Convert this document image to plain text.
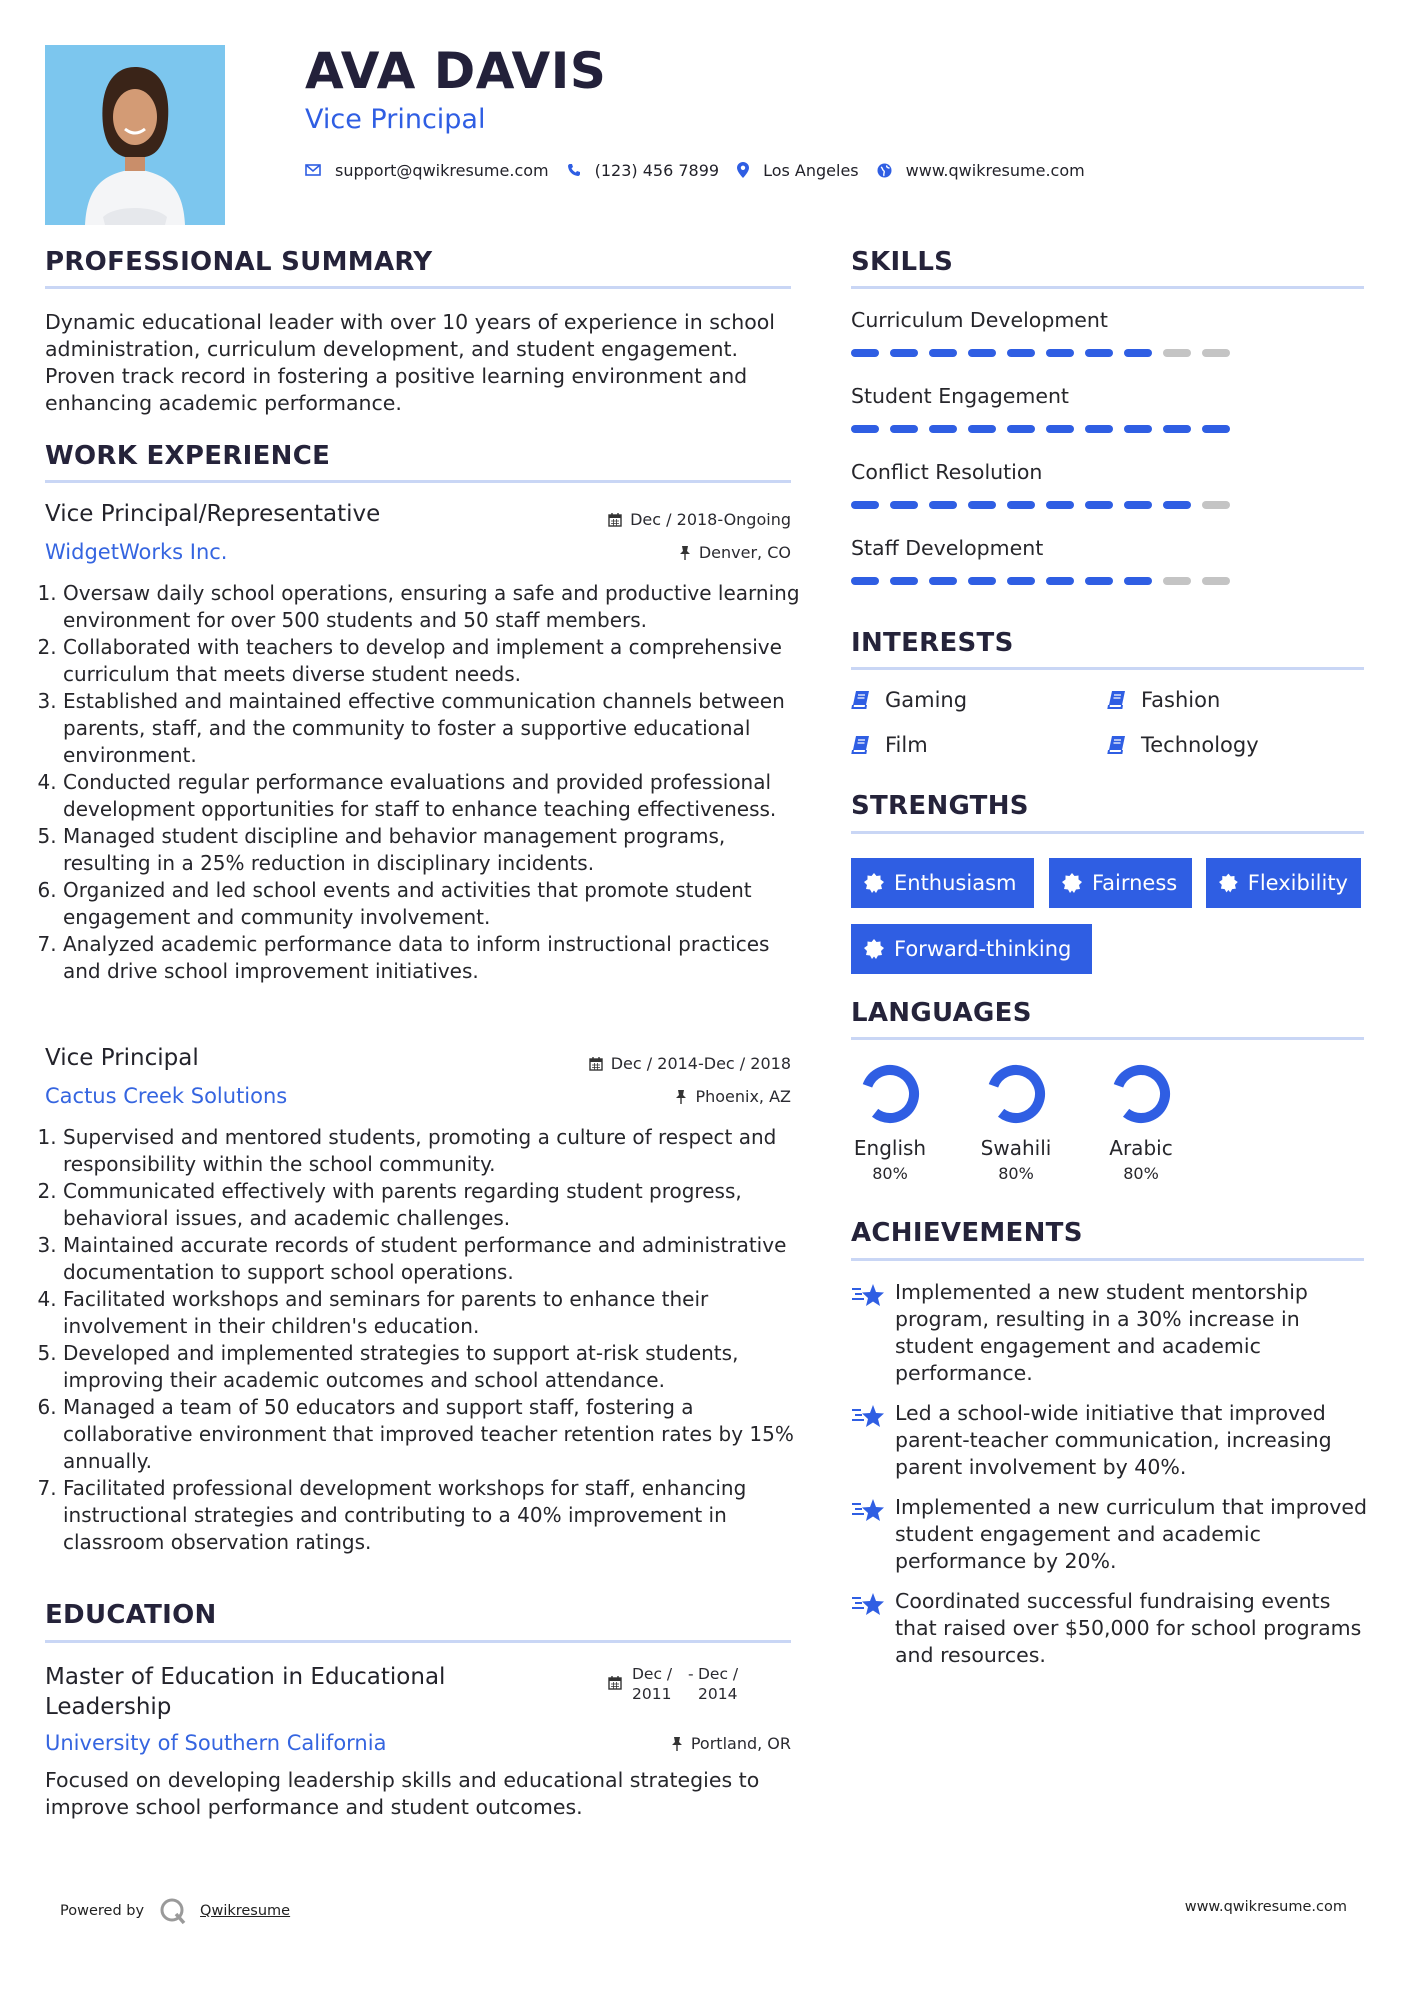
AVA DAVIS
Vice Principal
support@qwikresume.com	(123) 456 7899	Los Angeles	www.qwikresume.com
PROFESSIONAL SUMMARY
Dynamic educational leader with over 10 years of experience in school administration, curriculum development, and student engagement. Proven track record in fostering a positive learning environment and enhancing academic performance.
WORK EXPERIENCE
Vice Principal/Representative	Dec / 2018-Ongoing
WidgetWorks Inc.	Denver, CO
1. Oversaw daily school operations, ensuring a safe and productive learning environment for over 500 students and 50 staff members.
2. Collaborated with teachers to develop and implement a comprehensive curriculum that meets diverse student needs.
3. Established and maintained effective communication channels between parents, staff, and the community to foster a supportive educational environment.
4. Conducted regular performance evaluations and provided professional development opportunities for staff to enhance teaching effectiveness.
5. Managed student discipline and behavior management programs, resulting in a 25% reduction in disciplinary incidents.
6. Organized and led school events and activities that promote student engagement and community involvement.
7. Analyzed academic performance data to inform instructional practices and drive school improvement initiatives.
Vice Principal	Dec / 2014-Dec / 2018
Cactus Creek Solutions	Phoenix, AZ
1. Supervised and mentored students, promoting a culture of respect and responsibility within the school community.
2. Communicated effectively with parents regarding student progress, behavioral issues, and academic challenges.
3. Maintained accurate records of student performance and administrative documentation to support school operations.
4. Facilitated workshops and seminars for parents to enhance their involvement in their children's education.
5. Developed and implemented strategies to support at-risk students, improving their academic outcomes and school attendance.
6. Managed a team of 50 educators and support staff, fostering a collaborative environment that improved teacher retention rates by 15% annually.
7. Facilitated professional development workshops for staff, enhancing instructional strategies and contributing to a 40% improvement in classroom observation ratings.
EDUCATION
Master of Education in Educational Leadership
Dec /
2011
- Dec /
2014
University of Southern California	Portland, OR
Focused on developing leadership skills and educational strategies to improve school performance and student outcomes.
SKILLS
Curriculum Development
Student Engagement
Conflict Resolution
Staff Development
INTERESTS
Gaming	Fashion
Film	Technology
STRENGTHS
Enthusiasm	Fairness	Flexibility
Forward-thinking
LANGUAGES
English
80%
Swahili
80%
Arabic
80%
ACHIEVEMENTS
Implemented a new student mentorship program, resulting in a 30% increase in student engagement and academic performance.
Led a school-wide initiative that improved parent-teacher communication, increasing parent involvement by 40%.
Implemented a new curriculum that improved student engagement and academic performance by 20%.
Coordinated successful fundraising events that raised over $50,000 for school programs and resources.
Powered by	Qwikresume	www.qwikresume.com
